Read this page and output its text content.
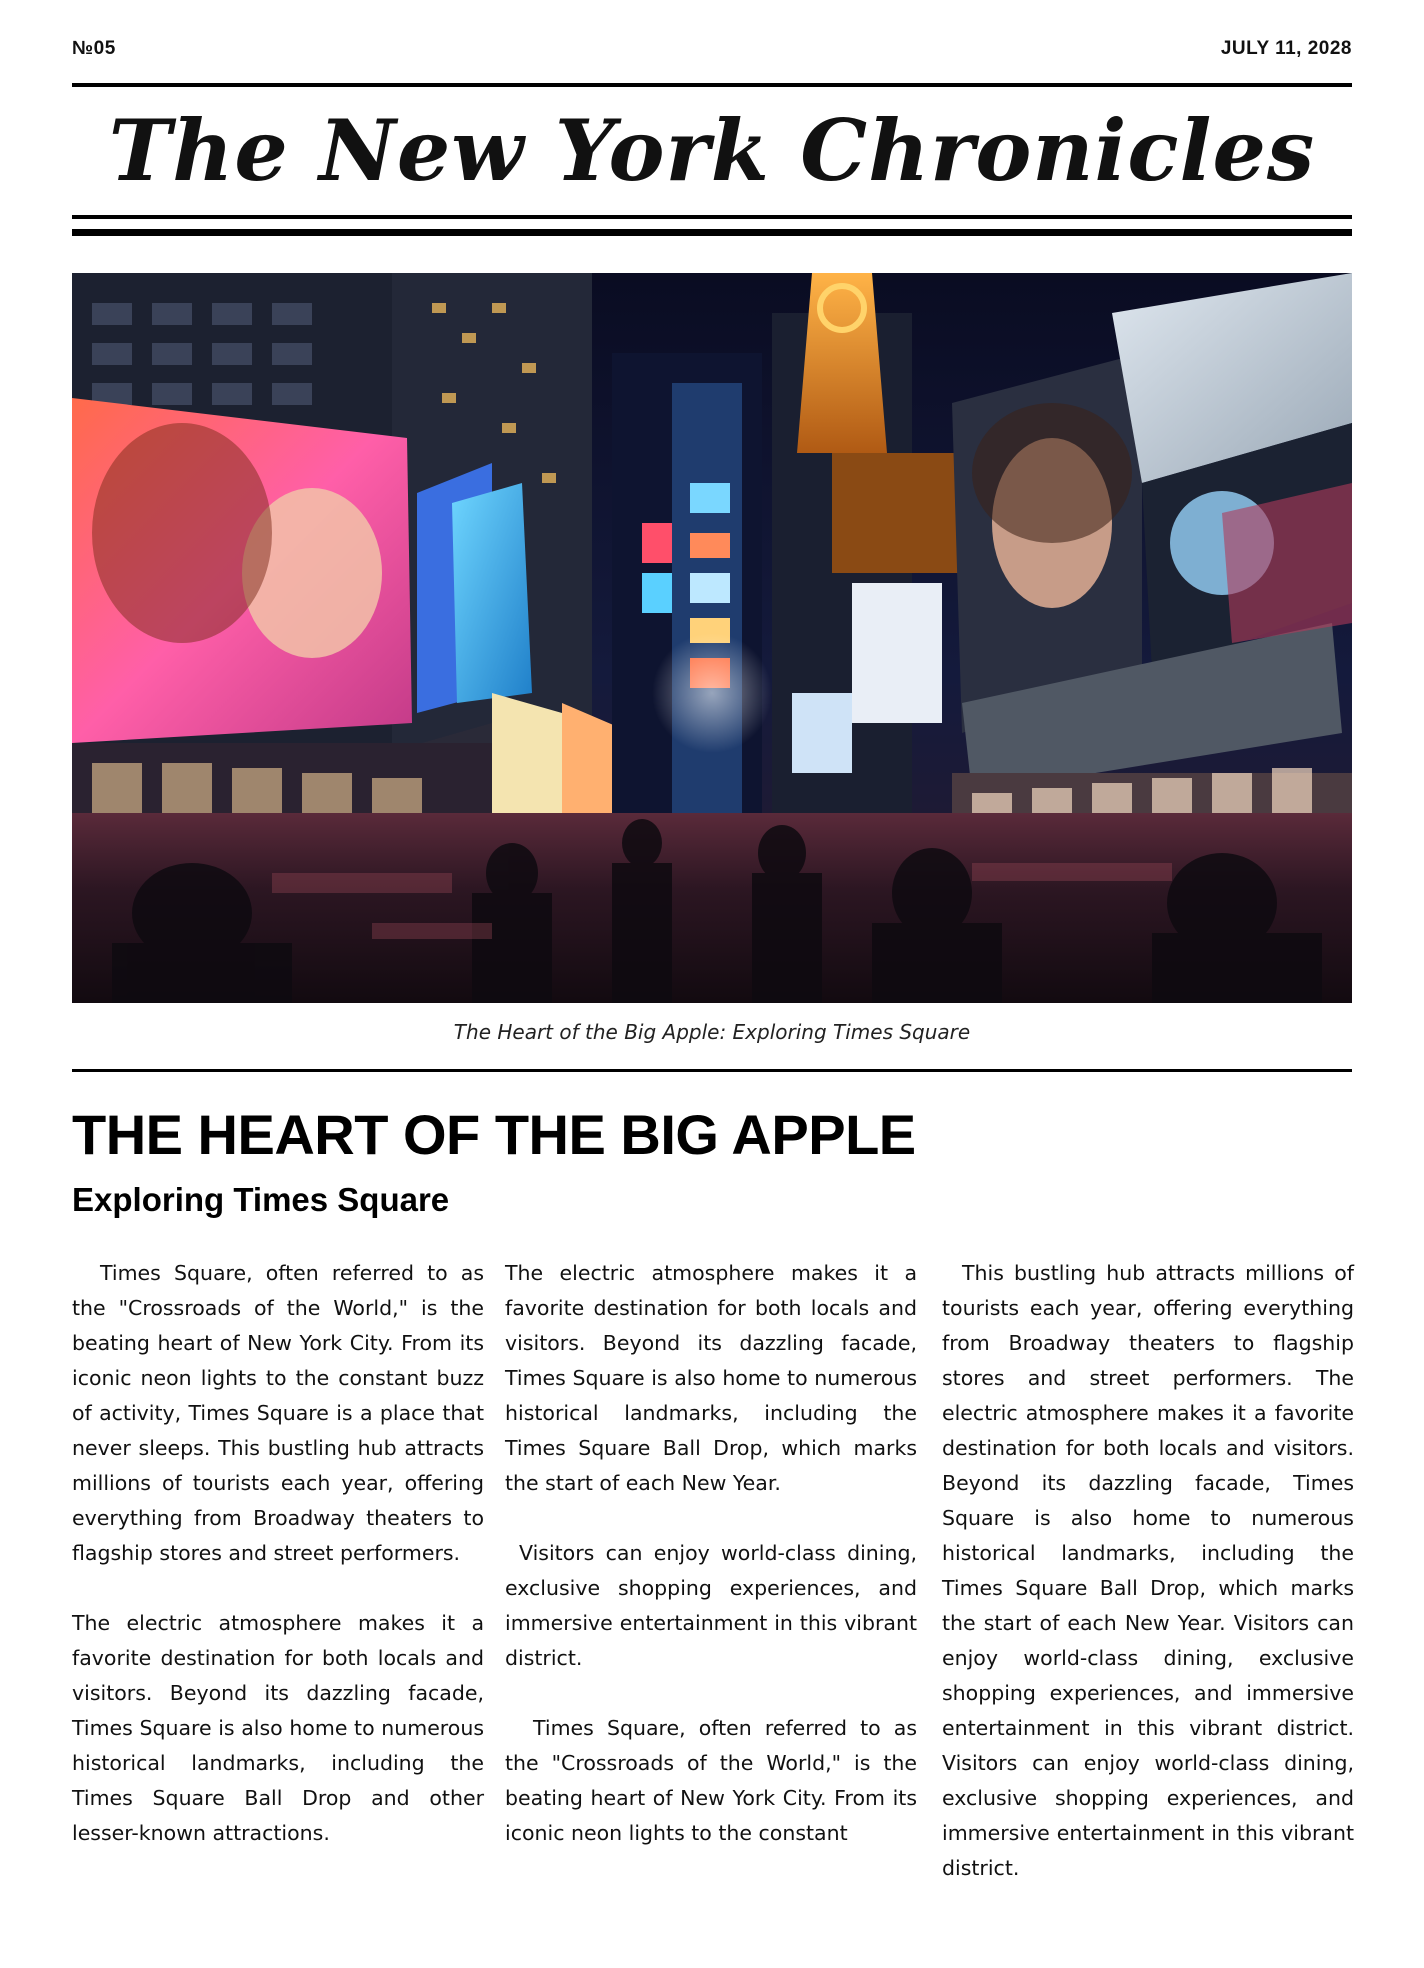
№05	JULY 11, 2028
The New York Chronicles
The Heart of the Big Apple: Exploring Times Square
THE HEART OF THE BIG APPLE
Exploring Times Square

Times Square, often referred to as the "Crossroads of the World," is the beating heart of New York City. From its iconic neon lights to the constant buzz of activity, Times Square is a place that never sleeps. This bustling hub attracts millions of tourists each year, offering everything from Broadway theaters to flagship stores and street performers.

The electric atmosphere makes it a favorite destination for both locals and visitors. Beyond its dazzling facade, Times Square is also home to numerous historical landmarks, including the Times Square Ball Drop and other lesser-known attractions.

The electric atmosphere makes it a favorite destination for both locals and visitors. Beyond its dazzling facade, Times Square is also home to numerous historical landmarks, including the Times Square Ball Drop, which marks the start of each New Year.

Visitors can enjoy world-class dining, exclusive shopping experiences, and immersive entertainment in this vibrant district.

Times Square, often referred to as the "Crossroads of the World," is the beating heart of New York City. From its iconic neon lights to the constant

This bustling hub attracts millions of tourists each year, offering everything from Broadway theaters to flagship stores and street performers. The electric atmosphere makes it a favorite destination for both locals and visitors. Beyond its dazzling facade, Times Square is also home to numerous historical landmarks, including the Times Square Ball Drop, which marks the start of each New Year. Visitors can enjoy world-class dining, exclusive shopping experiences, and immersive entertainment in this vibrant district. Visitors can enjoy world-class dining, exclusive shopping experiences, and immersive entertainment in this vibrant district.
